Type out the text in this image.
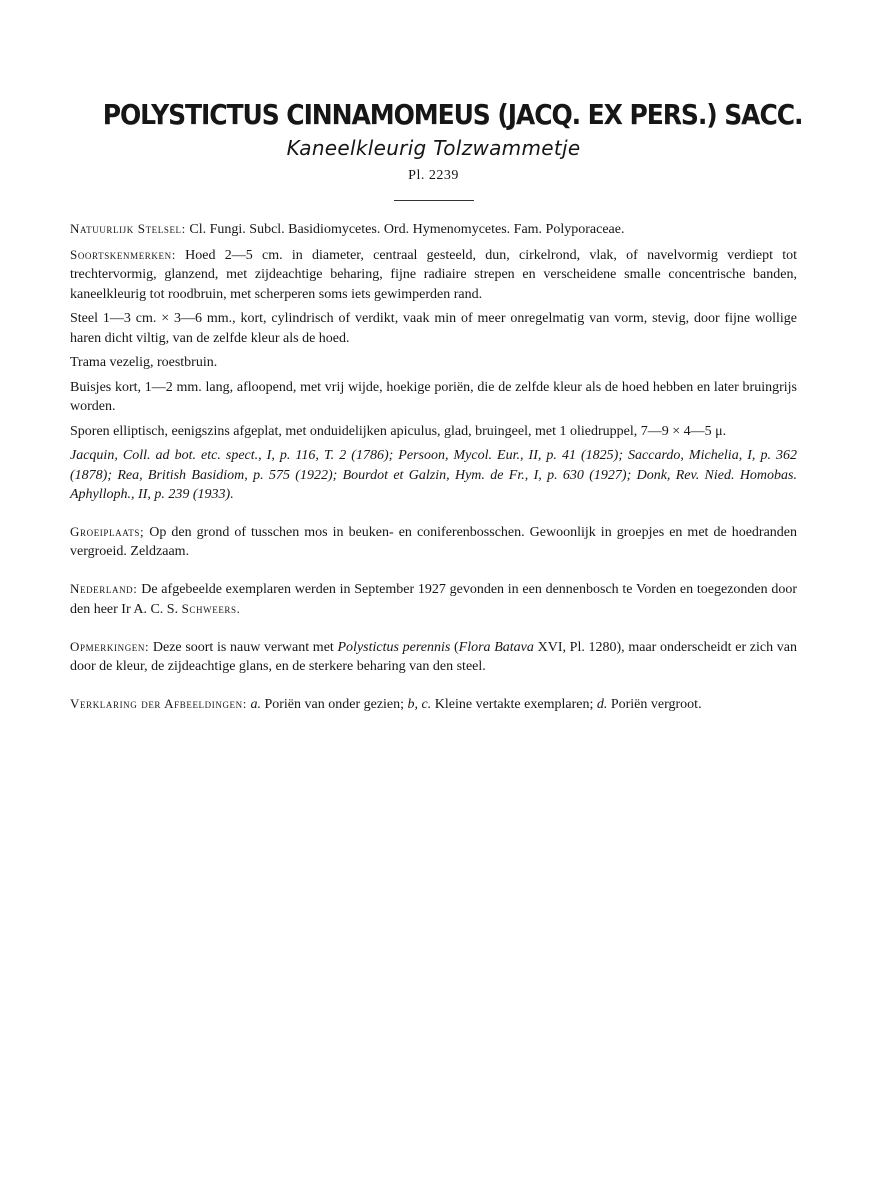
POLYSTICTUS CINNAMOMEUS (JACQ. EX PERS.) SACC.

Kaneelkleurig Tolzwammetje

Pl. 2239

Natuurlijk Stelsel: Cl. Fungi. Subcl. Basidiomycetes. Ord. Hymenomycetes. Fam. Polyporaceae.

Soortskenmerken: Hoed 2—5 cm. in diameter, centraal gesteeld, dun, cirkelrond, vlak, of navelvormig verdiept tot trechtervormig, glanzend, met zijdeachtige beharing, fijne radiaire strepen en verscheidene smalle concentrische banden, kaneelkleurig tot roodbruin, met scherperen soms iets gewimperden rand.

Steel 1—3 cm. × 3—6 mm., kort, cylindrisch of verdikt, vaak min of meer onregelmatig van vorm, stevig, door fijne wollige haren dicht viltig, van de zelfde kleur als de hoed.

Trama vezelig, roestbruin.

Buisjes kort, 1—2 mm. lang, afloopend, met vrij wijde, hoekige poriën, die de zelfde kleur als de hoed hebben en later bruingrijs worden.

Sporen elliptisch, eenigszins afgeplat, met onduidelijken apiculus, glad, bruingeel, met 1 oliedruppel, 7—9 × 4—5 μ.

Jacquin, Coll. ad bot. etc. spect., I, p. 116, T. 2 (1786); Persoon, Mycol. Eur., II, p. 41 (1825); Saccardo, Michelia, I, p. 362 (1878); Rea, British Basidiom, p. 575 (1922); Bourdot et Galzin, Hym. de Fr., I, p. 630 (1927); Donk, Rev. Nied. Homobas. Aphylloph., II, p. 239 (1933).

Groeiplaats; Op den grond of tusschen mos in beuken- en coniferenbosschen. Gewoonlijk in groepjes en met de hoedranden vergroeid. Zeldzaam.

Nederland: De afgebeelde exemplaren werden in September 1927 gevonden in een dennenbosch te Vorden en toegezonden door den heer Ir A. C. S. Schweers.

Opmerkingen: Deze soort is nauw verwant met Polystictus perennis (Flora Batava XVI, Pl. 1280), maar onderscheidt er zich van door de kleur, de zijdeachtige glans, en de sterkere beharing van den steel.

Verklaring der Afbeeldingen: a. Poriën van onder gezien; b, c. Kleine vertakte exemplaren; d. Poriën vergroot.
